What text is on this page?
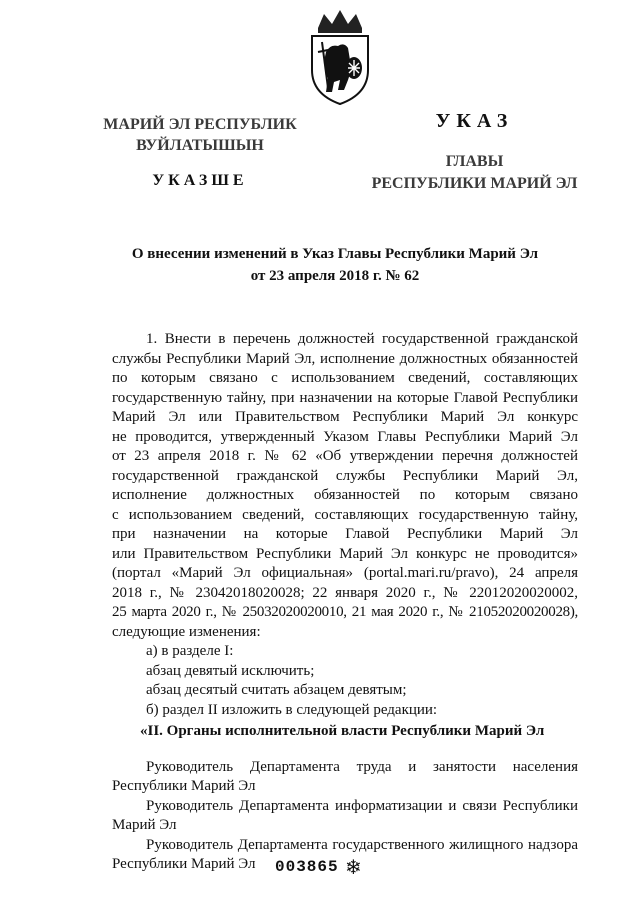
МАРИЙ ЭЛ РЕСПУБЛИК
ВУЙЛАТЫШЫН
УКАЗШЕ
УКАЗ
ГЛАВЫ
РЕСПУБЛИКИ МАРИЙ ЭЛ
О внесении изменений в Указ Главы Республики Марий Эл
от 23 апреля 2018 г. № 62
1. Внести в перечень должностей государственной гражданской
службы Республики Марий Эл, исполнение должностных обязанностей
по которым связано с использованием сведений, составляющих
государственную тайну, при назначении на которые Главой Республики
Марий Эл или Правительством Республики Марий Эл конкурс
не проводится, утвержденный Указом Главы Республики Марий Эл
от 23 апреля 2018 г. № 62 «Об утверждении перечня должностей
государственной гражданской службы Республики Марий Эл,
исполнение должностных обязанностей по которым связано
с использованием сведений, составляющих государственную тайну,
при назначении на которые Главой Республики Марий Эл
или Правительством Республики Марий Эл конкурс не проводится»
(портал «Марий Эл официальная» (portal.mari.ru/pravo), 24 апреля
2018 г., № 23042018020028; 22 января 2020 г., № 22012020020002,
25 марта 2020 г., № 25032020020010, 21 мая 2020 г., № 21052020020028),
следующие изменения:
а) в разделе I:
абзац девятый исключить;
абзац десятый считать абзацем девятым;
б) раздел II изложить в следующей редакции:
«II. Органы исполнительной власти Республики Марий Эл
Руководитель Департамента труда и занятости населения
Республики Марий Эл
Руководитель Департамента информатизации и связи Республики
Марий Эл
Руководитель Департамента государственного жилищного надзора
Республики Марий Эл	003865 ❄
